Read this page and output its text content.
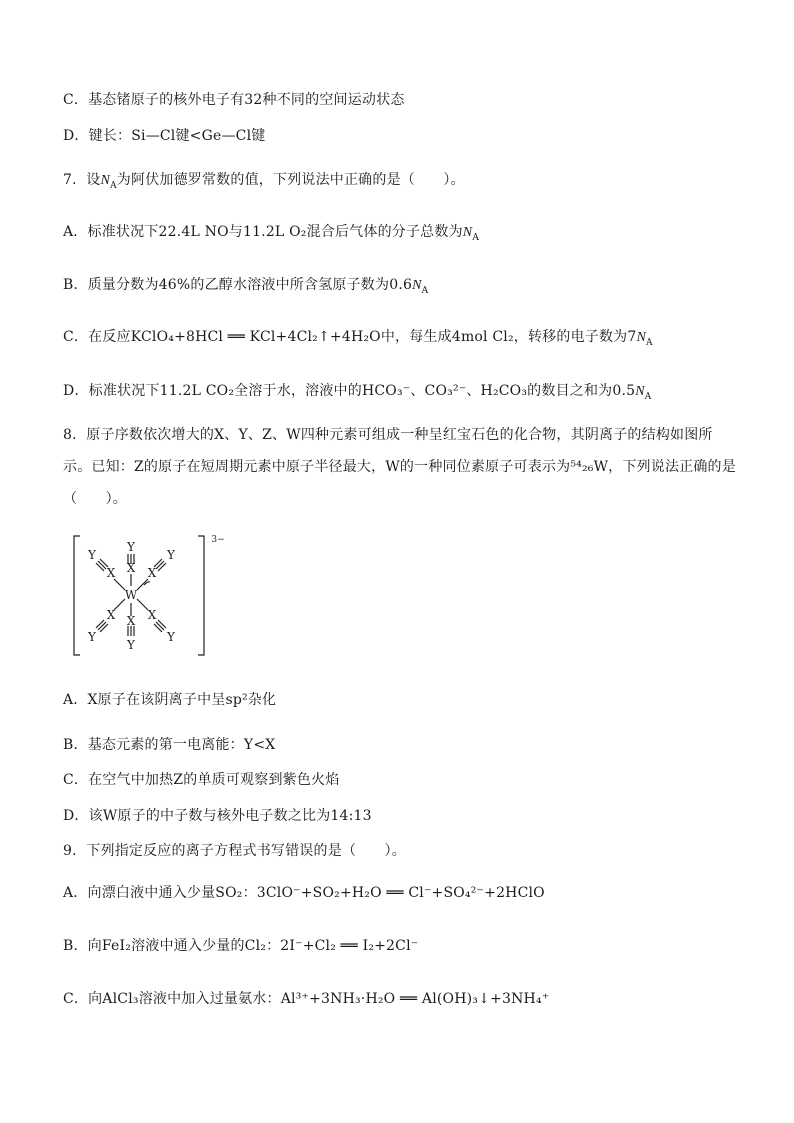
C．基态锗原子的核外电子有32种不同的空间运动状态
D．键长：Si—Cl键<Ge—Cl键
7．设$N_A$为阿伏加德罗常数的值，下列说法中正确的是（　　）。
A．标准状况下22.4L NO与11.2L O₂混合后气体的分子总数为$N_A$
B．质量分数为46%的乙醇水溶液中所含氢原子数为$0.6N_A$
C．在反应KClO₄+8HCl ══ KCl+4Cl₂↑+4H₂O中，每生成4mol Cl₂，转移的电子数为$7N_A$
D．标准状况下11.2L CO₂全溶于水，溶液中的HCO₃⁻、CO₃²⁻、H₂CO₃的数目之和为$0.5N_A$
8．原子序数依次增大的X、Y、Z、W四种元素可组成一种呈红宝石色的化合物，其阴离子的结构如图所
示。已知：Z的原子在短周期元素中原子半径最大，W的一种同位素原子可表示为⁵⁴₂₆W，下列说法正确的是
（　　）。
W
X
X
X	X
X	X
Y
Y
Y	Y
Y	Y
3−
A．X原子在该阴离子中呈sp²杂化
B．基态元素的第一电离能：Y<X
C．在空气中加热Z的单质可观察到紫色火焰
D．该W原子的中子数与核外电子数之比为14:13
9．下列指定反应的离子方程式书写错误的是（　　）。
A．向漂白液中通入少量SO₂：3ClO⁻+SO₂+H₂O ══ Cl⁻+SO₄²⁻+2HClO
B．向FeI₂溶液中通入少量的Cl₂：2I⁻+Cl₂ ══ I₂+2Cl⁻
C．向AlCl₃溶液中加入过量氨水：Al³⁺+3NH₃·H₂O ══ Al(OH)₃↓+3NH₄⁺
